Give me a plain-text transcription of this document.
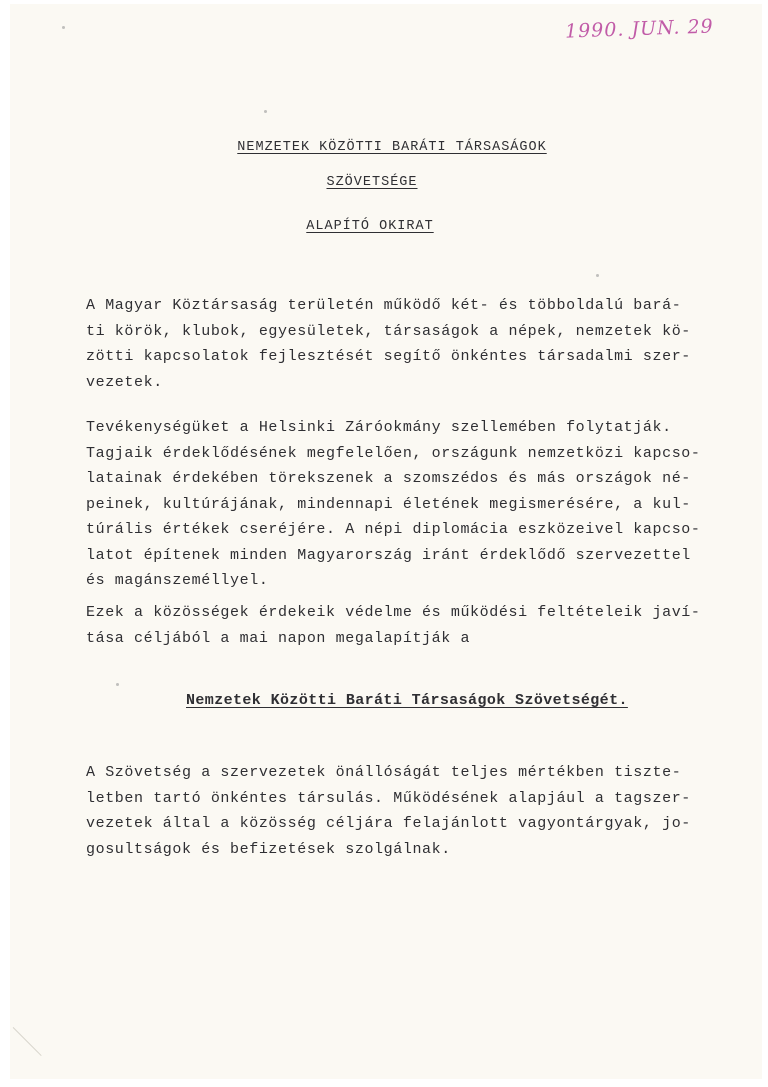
1990. JUN. 29
NEMZETEK KÖZÖTTI BARÁTI TÁRSASÁGOK
SZÖVETSÉGE
ALAPÍTÓ OKIRAT
A Magyar Köztársaság területén működő két- és többoldalú bará-
ti körök, klubok, egyesületek, társaságok a népek, nemzetek kö-
zötti kapcsolatok fejlesztését segítő önkéntes társadalmi szer-
vezetek.
Tevékenységüket a Helsinki Záróokmány szellemében folytatják.
Tagjaik érdeklődésének megfelelően, országunk nemzetközi kapcso-
latainak érdekében törekszenek a szomszédos és más országok né-
peinek, kultúrájának, mindennapi életének megismerésére, a kul-
túrális értékek cseréjére. A népi diplomácia eszközeivel kapcso-
latot építenek minden Magyarország iránt érdeklődő szervezettel
és magánszeméllyel.
Ezek a közösségek érdekeik védelme és működési feltételeik javí-
tása céljából a mai napon megalapítják a
Nemzetek Közötti Baráti Társaságok Szövetségét.
A Szövetség a szervezetek önállóságát teljes mértékben tiszte-
letben tartó önkéntes társulás. Működésének alapjául a tagszer-
vezetek által a közösség céljára felajánlott vagyontárgyak, jo-
gosultságok és befizetések szolgálnak.
